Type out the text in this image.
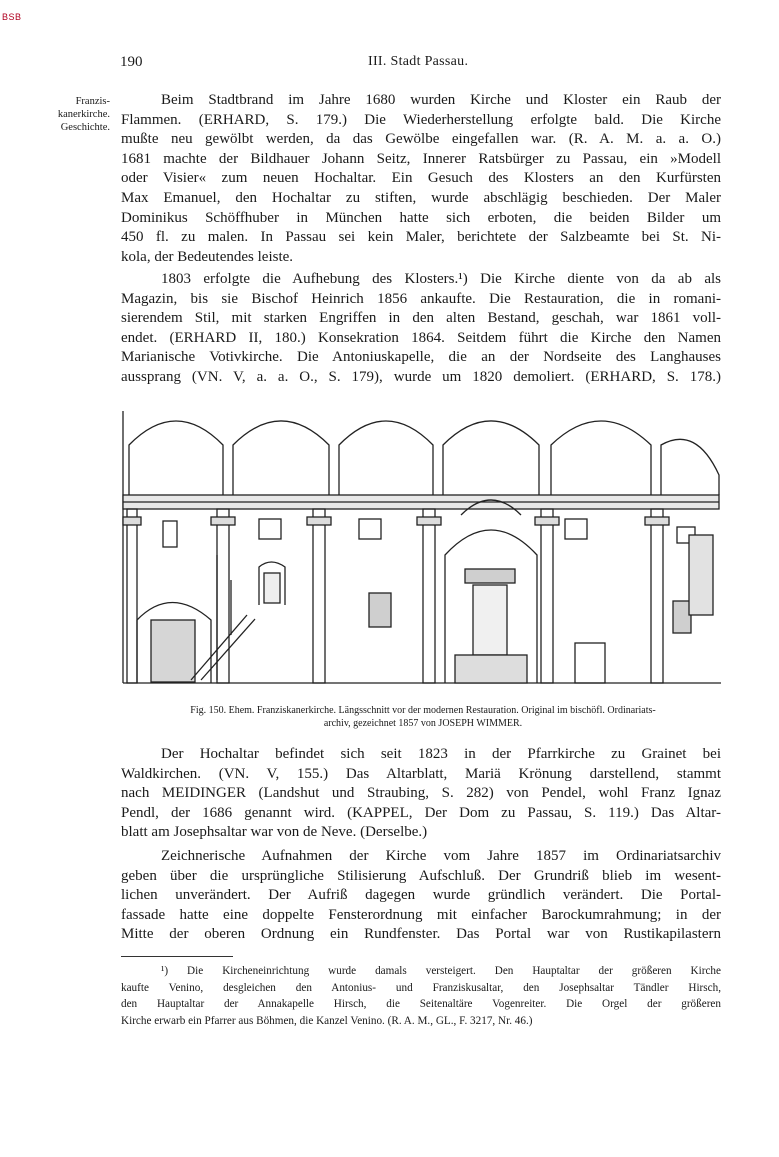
BSB
190	III. Stadt Passau.
Franzis-
kanerkirche.
Geschichte.
Beim Stadtbrand im Jahre 1680 wurden Kirche und Kloster ein Raub der
Flammen. (ERHARD, S. 179.) Die Wiederherstellung erfolgte bald. Die Kirche
mußte neu gewölbt werden, da das Gewölbe eingefallen war. (R. A. M. a. a. O.)
1681 machte der Bildhauer Johann Seitz, Innerer Ratsbürger zu Passau, ein »Modell
oder Visier« zum neuen Hochaltar. Ein Gesuch des Klosters an den Kurfürsten
Max Emanuel, den Hochaltar zu stiften, wurde abschlägig beschieden. Der Maler
Dominikus Schöffhuber in München hatte sich erboten, die beiden Bilder um
450 fl. zu malen. In Passau sei kein Maler, berichtete der Salzbeamte bei St. Ni-
kola, der Bedeutendes leiste.
1803 erfolgte die Aufhebung des Klosters.¹) Die Kirche diente von da ab als
Magazin, bis sie Bischof Heinrich 1856 ankaufte. Die Restauration, die in romani-
sierendem Stil, mit starken Engriffen in den alten Bestand, geschah, war 1861 voll-
endet. (ERHARD II, 180.) Konsekration 1864. Seitdem führt die Kirche den Namen
Marianische Votivkirche. Die Antoniuskapelle, die an der Nordseite des Langhauses
aussprang (VN. V, a. a. O., S. 179), wurde um 1820 demoliert. (ERHARD, S. 178.)
Fig. 150. Ehem. Franziskanerkirche. Längsschnitt vor der modernen Restauration. Original im bischöfl. Ordinariats-
archiv, gezeichnet 1857 von JOSEPH WIMMER.
Der Hochaltar befindet sich seit 1823 in der Pfarrkirche zu Grainet bei
Waldkirchen. (VN. V, 155.) Das Altarblatt, Mariä Krönung darstellend, stammt
nach MEIDINGER (Landshut und Straubing, S. 282) von Pendel, wohl Franz Ignaz
Pendl, der 1686 genannt wird. (KAPPEL, Der Dom zu Passau, S. 119.) Das Altar-
blatt am Josephsaltar war von de Neve. (Derselbe.)
Zeichnerische Aufnahmen der Kirche vom Jahre 1857 im Ordinariatsarchiv
geben über die ursprüngliche Stilisierung Aufschluß. Der Grundriß blieb im wesent-
lichen unverändert. Der Aufriß dagegen wurde gründlich verändert. Die Portal-
fassade hatte eine doppelte Fensterordnung mit einfacher Barockumrahmung; in der
Mitte der oberen Ordnung ein Rundfenster. Das Portal war von Rustikapilastern
¹) Die Kircheneinrichtung wurde damals versteigert. Den Hauptaltar der größeren Kirche
kaufte Venino, desgleichen den Antonius- und Franziskusaltar, den Josephsaltar Tändler Hirsch,
den Hauptaltar der Annakapelle Hirsch, die Seitenaltäre Vogenreiter. Die Orgel der größeren
Kirche erwarb ein Pfarrer aus Böhmen, die Kanzel Venino. (R. A. M., GL., F. 3217, Nr. 46.)
